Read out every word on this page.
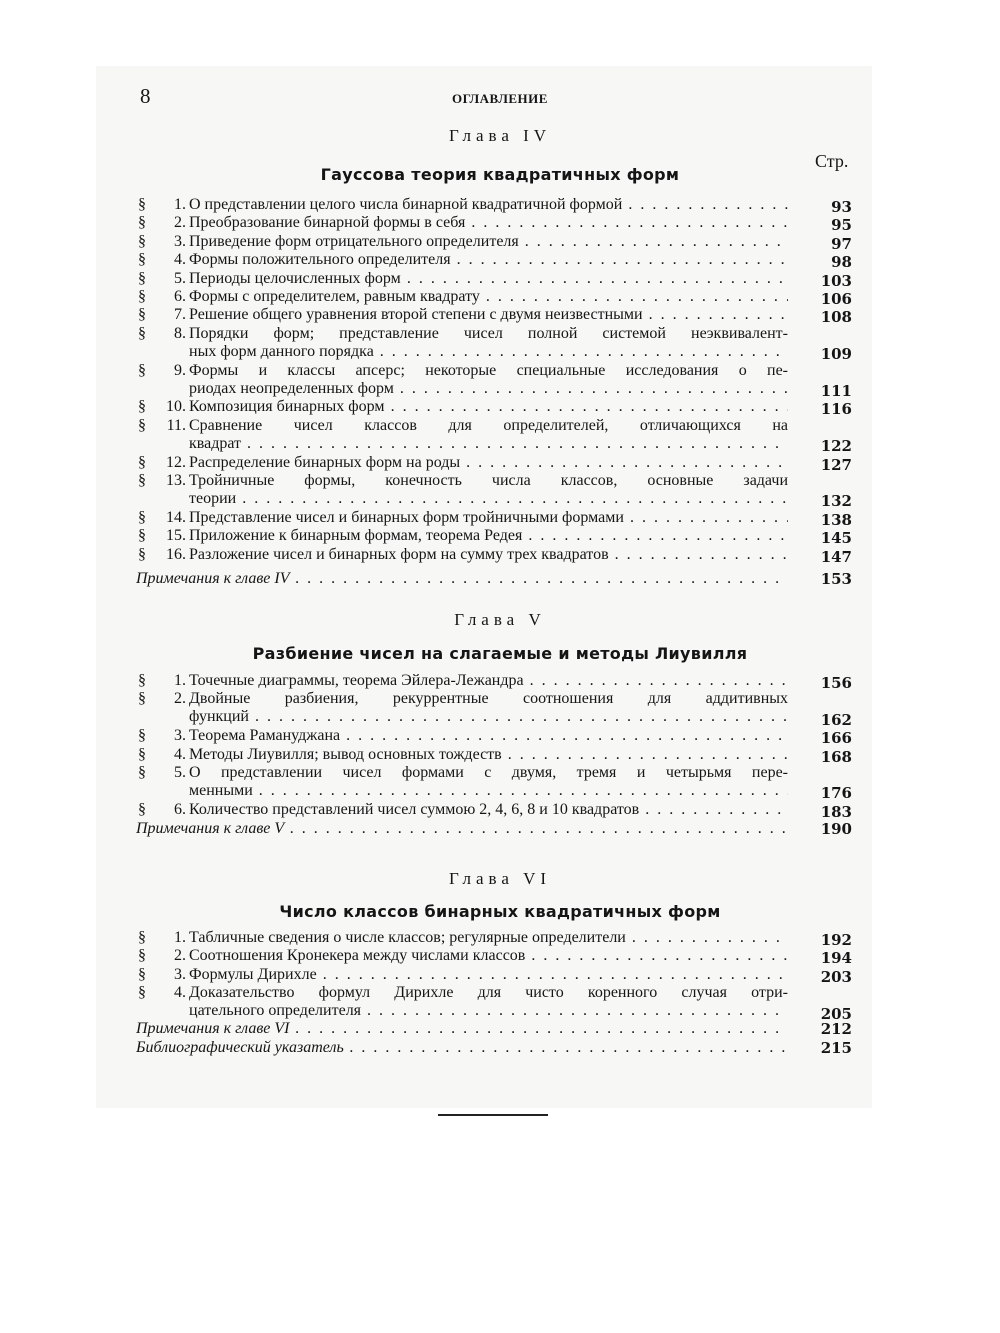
8	ОГЛАВЛЕНИЕ
Стр.
Глава IV
Гауссова теория квадратичных форм
§ 1. О представлении целого числа бинарной квадратичной формой . . .	93
§ 2. Преобразование бинарной формы в себя . . .	95
§ 3. Приведение форм отрицательного определителя . . .	97
§ 4. Формы положительного определителя . . .	98
§ 5. Периоды целочисленных форм . . .	103
§ 6. Формы с определителем, равным квадрату . . .	106
§ 7. Решение общего уравнения второй степени с двумя неизвестными . . .	108
§ 8. Порядки форм; представление чисел полной системой неэквивалент-
ных форм данного порядка . . .	109
§ 9. Формы и классы апсерс; некоторые специальные исследования о пе-
риодах неопределенных форм . . .	111
§ 10. Композиция бинарных форм . . .	116
§ 11. Сравнение чисел классов для определителей, отличающихся на
квадрат . . .	122
§ 12. Распределение бинарных форм на роды . . .	127
§ 13. Тройничные формы, конечность числа классов, основные задачи
теории . . .	132
§ 14. Представление чисел и бинарных форм тройничными формами . . .	138
§ 15. Приложение к бинарным формам, теорема Редея . . .	145
§ 16. Разложение чисел и бинарных форм на сумму трех квадратов . . .	147
Примечания к главе IV . . .	153
Глава V
Разбиение чисел на слагаемые и методы Лиувилля
§ 1. Точечные диаграммы, теорема Эйлера-Лежандра . . .	156
§ 2. Двойные разбиения, рекуррентные соотношения для аддитивных
функций . . .	162
§ 3. Теорема Рамануджана . . .	166
§ 4. Методы Лиувилля; вывод основных тождеств . . .	168
§ 5. О представлении чисел формами с двумя, тремя и четырьмя пере-
менными . . .	176
§ 6. Количество представлений чисел суммою 2, 4, 6, 8 и 10 квадратов . . .	183
Примечания к главе V . . .	190
Глава VI
Число классов бинарных квадратичных форм
§ 1. Табличные сведения о числе классов; регулярные определители . . .	192
§ 2. Соотношения Кронекера между числами классов . . .	194
§ 3. Формулы Дирихле . . .	203
§ 4. Доказательство формул Дирихле для чисто коренного случая отри-
цательного определителя . . .	205
Примечания к главе VI . . .	212
Библиографический указатель . . .	215
